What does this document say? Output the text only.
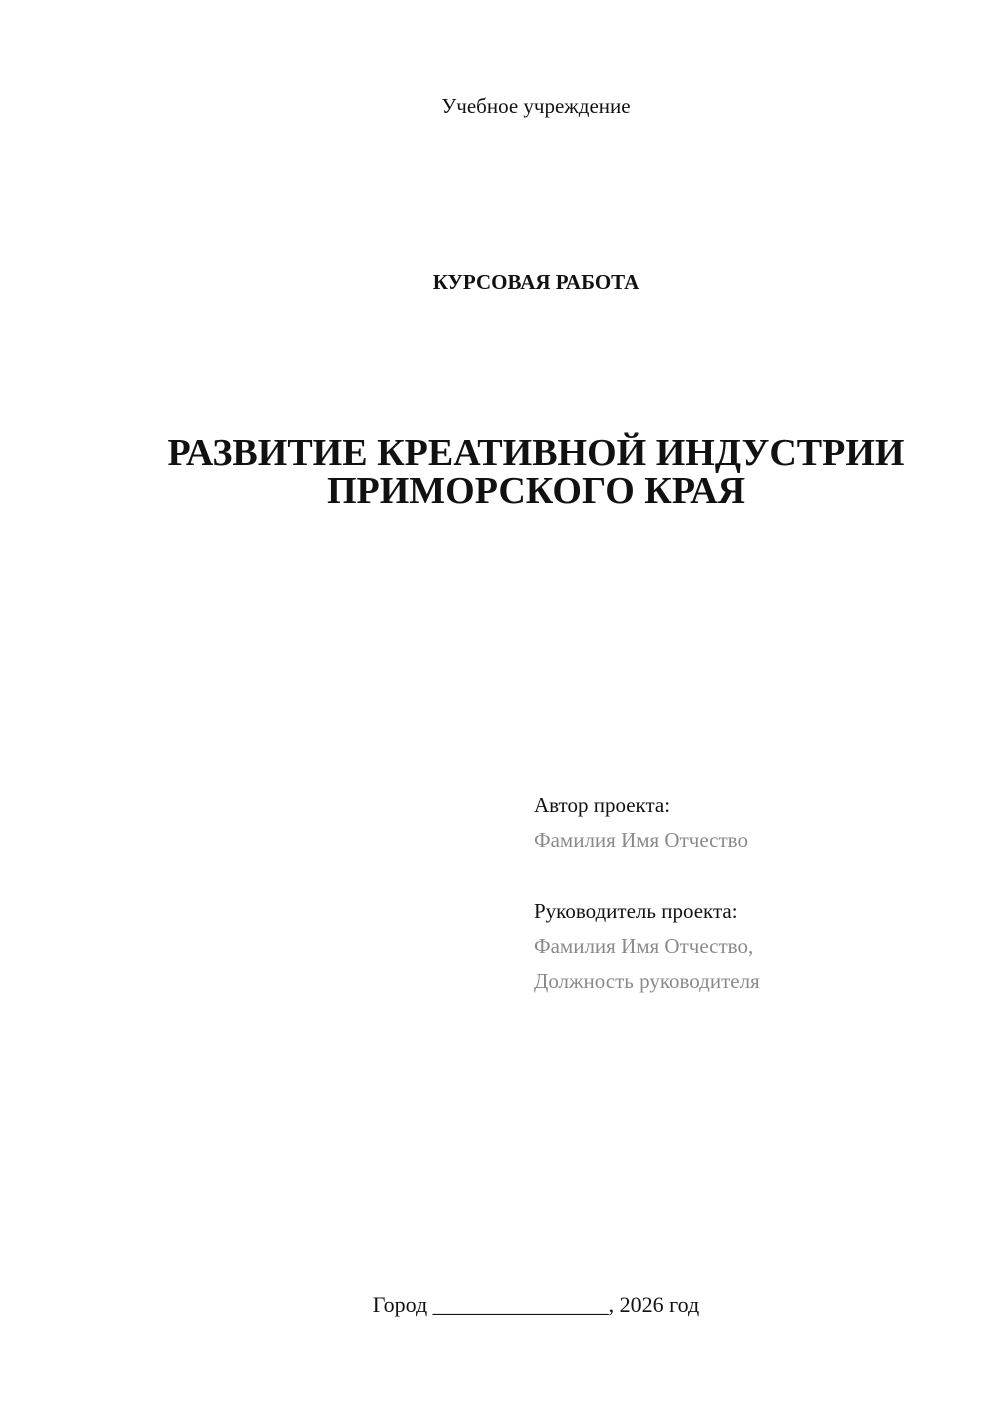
Учебное учреждение
КУРСОВАЯ РАБОТА
РАЗВИТИЕ КРЕАТИВНОЙ ИНДУСТРИИ
ПРИМОРСКОГО КРАЯ
Автор проекта:
Фамилия Имя Отчество
Руководитель проекта:
Фамилия Имя Отчество,
Должность руководителя
Город ________________, 2026 год
